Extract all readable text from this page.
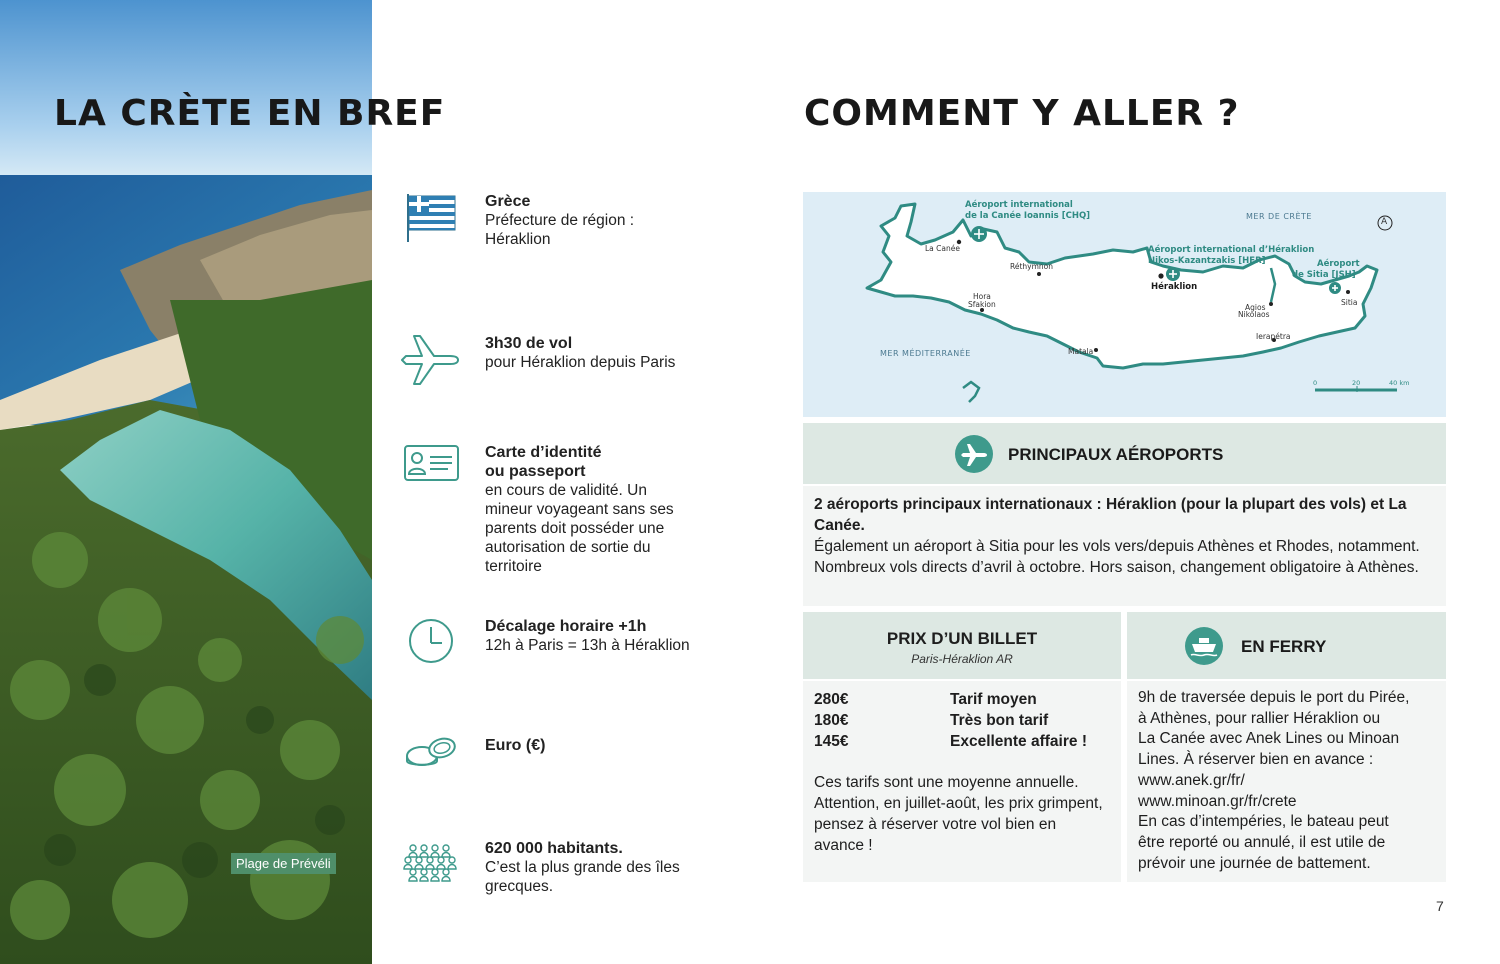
Plage de Prévéli
LA CRÈTE EN BREF
Grèce
Préfecture de région :
Héraklion
3h30 de vol
pour Héraklion depuis Paris
Carte d’identité
ou passeport
en cours de validité. Un
mineur voyageant sans ses
parents doit posséder une
autorisation de sortie du
territoire
Décalage horaire +1h
12h à Paris = 13h à Héraklion
Euro (€)
620 000 habitants.
C’est la plus grande des îles
grecques.
COMMENT Y ALLER ?
Aéroport international
de la Canée Ioannis [CHQ]
Aéroport international d’Héraklion
Nikos-Kazantzakis [HER]	Aéroport
de Sitia [JSH]
MER DE CRÈTE
MER MÉDITERRANÉE
La Canée
Réthymnon
Héraklion
Hora
Sfakion	Agios
Nikolaos
Sitia
Ierapétra
Matala
0	20	40 km
A
PRINCIPAUX AÉROPORTS
2 aéroports principaux internationaux : Héraklion (pour la plupart des vols) et La Canée.
Également un aéroport à Sitia pour les vols vers/depuis Athènes et Rhodes, notamment. Nombreux vols directs d’avril à octobre. Hors saison, changement obligatoire à Athènes.
PRIX D’UN BILLET
Paris-Héraklion AR
280€	Tarif moyen
180€	Très bon tarif
145€	Excellente affaire !
Ces tarifs sont une moyenne annuelle. Attention, en juillet-août, les prix grimpent, pensez à réserver votre vol bien en avance !
EN FERRY
9h de traversée depuis le port du Pirée,
à Athènes, pour rallier Héraklion ou
La Canée avec Anek Lines ou Minoan
Lines. À réserver bien en avance :
www.anek.gr/fr/
www.minoan.gr/fr/crete
En cas d’intempéries, le bateau peut
être reporté ou annulé, il est utile de
prévoir une journée de battement.
7
